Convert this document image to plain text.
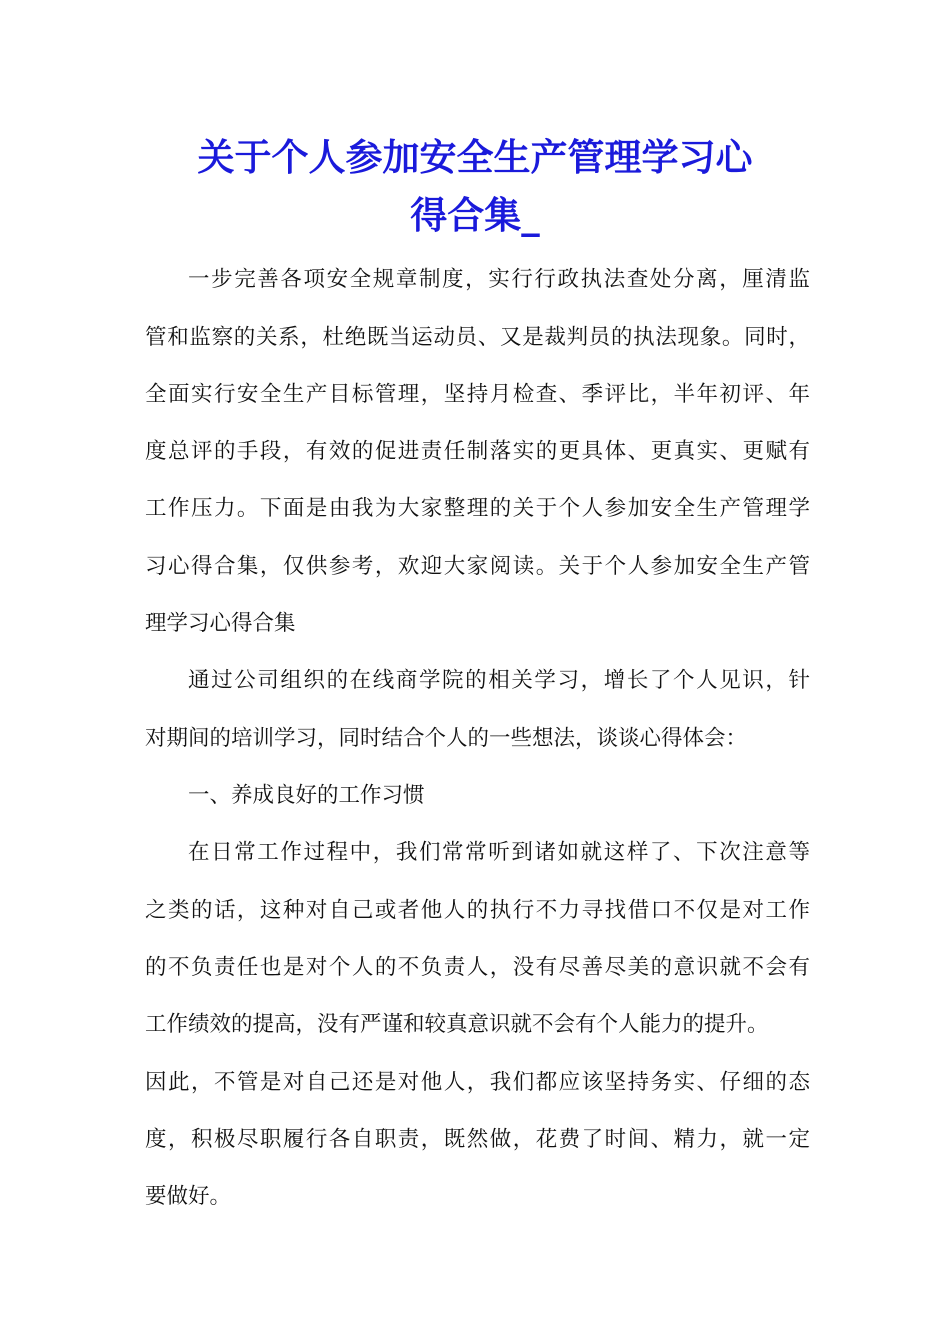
关于个人参加安全生产管理学习心
得合集_
一步完善各项安全规章制度，实行行政执法查处分离，厘清监
管和监察的关系，杜绝既当运动员、又是裁判员的执法现象。同时，
全面实行安全生产目标管理，坚持月检查、季评比，半年初评、年
度总评的手段，有效的促进责任制落实的更具体、更真实、更赋有
工作压力。下面是由我为大家整理的关于个人参加安全生产管理学
习心得合集，仅供参考，欢迎大家阅读。关于个人参加安全生产管
理学习心得合集
通过公司组织的在线商学院的相关学习，增长了个人见识，针
对期间的培训学习，同时结合个人的一些想法，谈谈心得体会：
一、养成良好的工作习惯
在日常工作过程中，我们常常听到诸如就这样了、下次注意等
之类的话，这种对自己或者他人的执行不力寻找借口不仅是对工作
的不负责任也是对个人的不负责人，没有尽善尽美的意识就不会有
工作绩效的提高，没有严谨和较真意识就不会有个人能力的提升。
因此，不管是对自己还是对他人，我们都应该坚持务实、仔细的态
度，积极尽职履行各自职责，既然做，花费了时间、精力，就一定
要做好。
